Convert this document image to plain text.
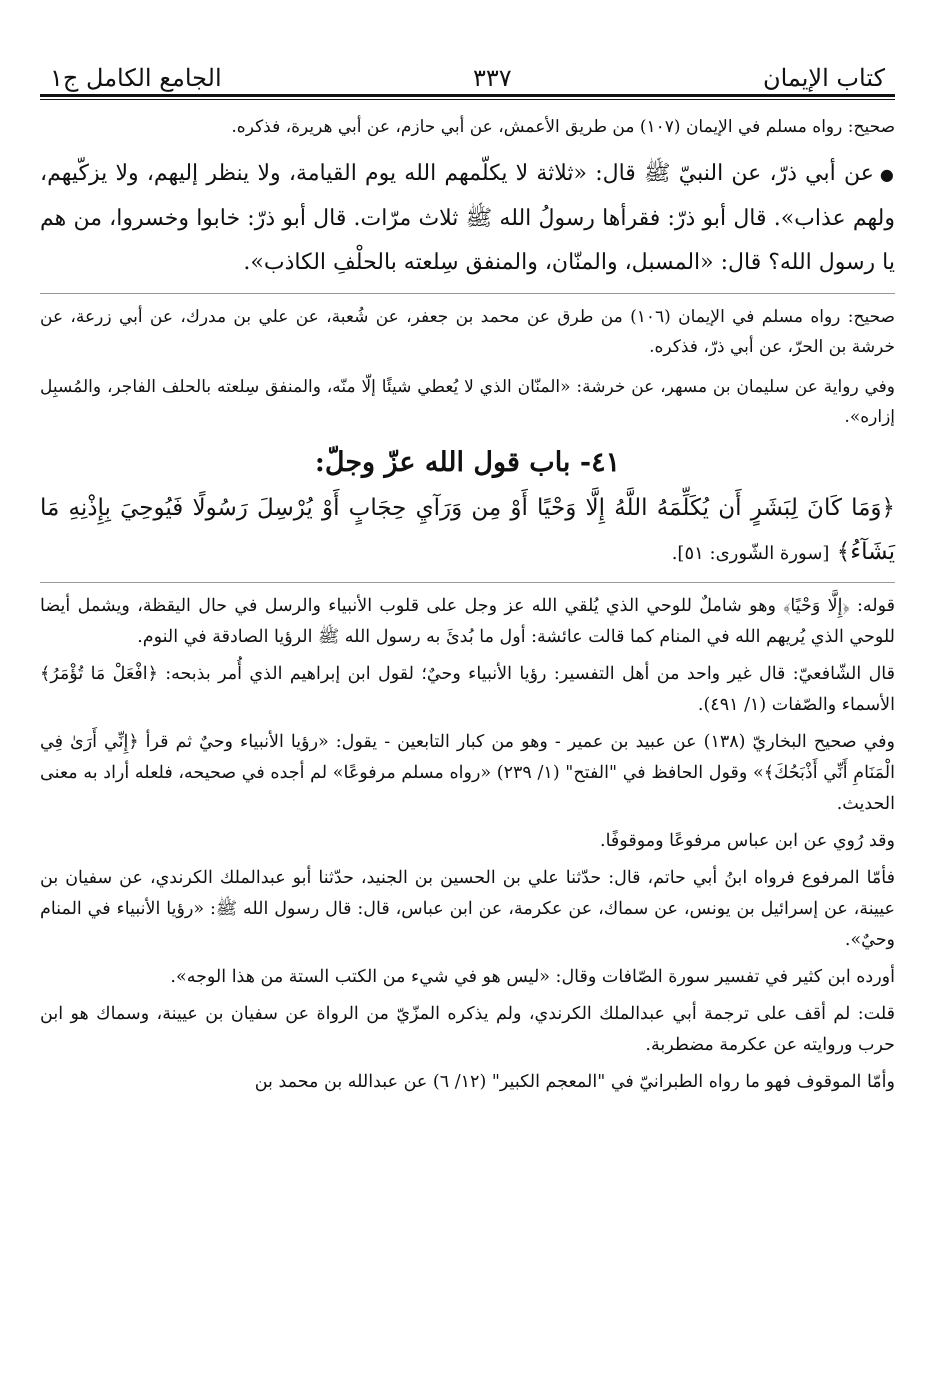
كتاب الإيمان
٣٣٧
الجامع الكامل ج١

صحيح: رواه مسلم في الإيمان (١٠٧) من طريق الأعمش، عن أبي حازم، عن أبي هريرة، فذكره.

●عن أبي ذرّ، عن النبيّ ﷺ قال: «ثلاثة لا يكلّمهم الله يوم القيامة، ولا ينظر إليهم، ولا يزكّيهم، ولهم عذاب». قال أبو ذرّ: فقرأها رسولُ الله ﷺ ثلاث مرّات. قال أبو ذرّ: خابوا وخسروا، من هم يا رسول الله؟ قال: «المسبل، والمنّان، والمنفق سِلعته بالحلْفِ الكاذب».

صحيح: رواه مسلم في الإيمان (١٠٦) من طرق عن محمد بن جعفر، عن شُعبة، عن علي بن مدرك، عن أبي زرعة، عن خرشة بن الحرّ، عن أبي ذرّ، فذكره.

وفي رواية عن سليمان بن مسهر، عن خرشة: «المنّان الذي لا يُعطي شيئًا إلّا منّه، والمنفق سِلعته بالحلف الفاجر، والمُسبِل إزاره».

٤١- باب قول الله عزّ وجلّ:

﴿وَمَا كَانَ لِبَشَرٍ أَن يُكَلِّمَهُ اللَّهُ إِلَّا وَحْيًا أَوْ مِن وَرَآيِ حِجَابٍ أَوْ يُرْسِلَ رَسُولًا فَيُوحِيَ بِإِذْنِهِ مَا يَشَآءُ﴾ [سورة الشّورى: ٥١].

قوله: ﴿إِلَّا وَحْيًا﴾ وهو شاملٌ للوحي الذي يُلقي الله عز وجل على قلوب الأنبياء والرسل في حال اليقظة، ويشمل أيضا للوحي الذي يُريهم الله في المنام كما قالت عائشة: أول ما بُدئَ به رسول الله ﷺ الرؤيا الصادقة في النوم.

قال الشّافعيّ: قال غير واحد من أهل التفسير: رؤيا الأنبياء وحيٌ؛ لقول ابن إبراهيم الذي أُمر بذبحه: ﴿افْعَلْ مَا تُؤْمَرُ﴾ الأسماء والصّفات (١/ ٤٩١).

وفي صحيح البخاريّ (١٣٨) عن عبيد بن عمير - وهو من كبار التابعين - يقول: «رؤيا الأنبياء وحيٌ ثم قرأ ﴿إِنِّي أَرَىٰ فِي الْمَنَامِ أَنِّي أَذْبَحُكَ﴾» وقول الحافظ في "الفتح" (١/ ٢٣٩) «رواه مسلم مرفوعًا» لم أجده في صحيحه، فلعله أراد به معنى الحديث.

وقد رُوي عن ابن عباس مرفوعًا وموقوفًا.

فأمّا المرفوع فرواه ابنُ أبي حاتم، قال: حدّثنا علي بن الحسين بن الجنيد، حدّثنا أبو عبدالملك الكرندي، عن سفيان بن عيينة، عن إسرائيل بن يونس، عن سماك، عن عكرمة، عن ابن عباس، قال: قال رسول الله ﷺ: «رؤيا الأنبياء في المنام وحيٌ».

أورده ابن كثير في تفسير سورة الصّافات وقال: «ليس هو في شيء من الكتب الستة من هذا الوجه».

قلت: لم أقف على ترجمة أبي عبدالملك الكرندي، ولم يذكره المزّيّ من الرواة عن سفيان بن عيينة، وسماك هو ابن حرب وروايته عن عكرمة مضطربة.

وأمّا الموقوف فهو ما رواه الطبرانيّ في "المعجم الكبير" (١٢/ ٦) عن عبدالله بن محمد بن
